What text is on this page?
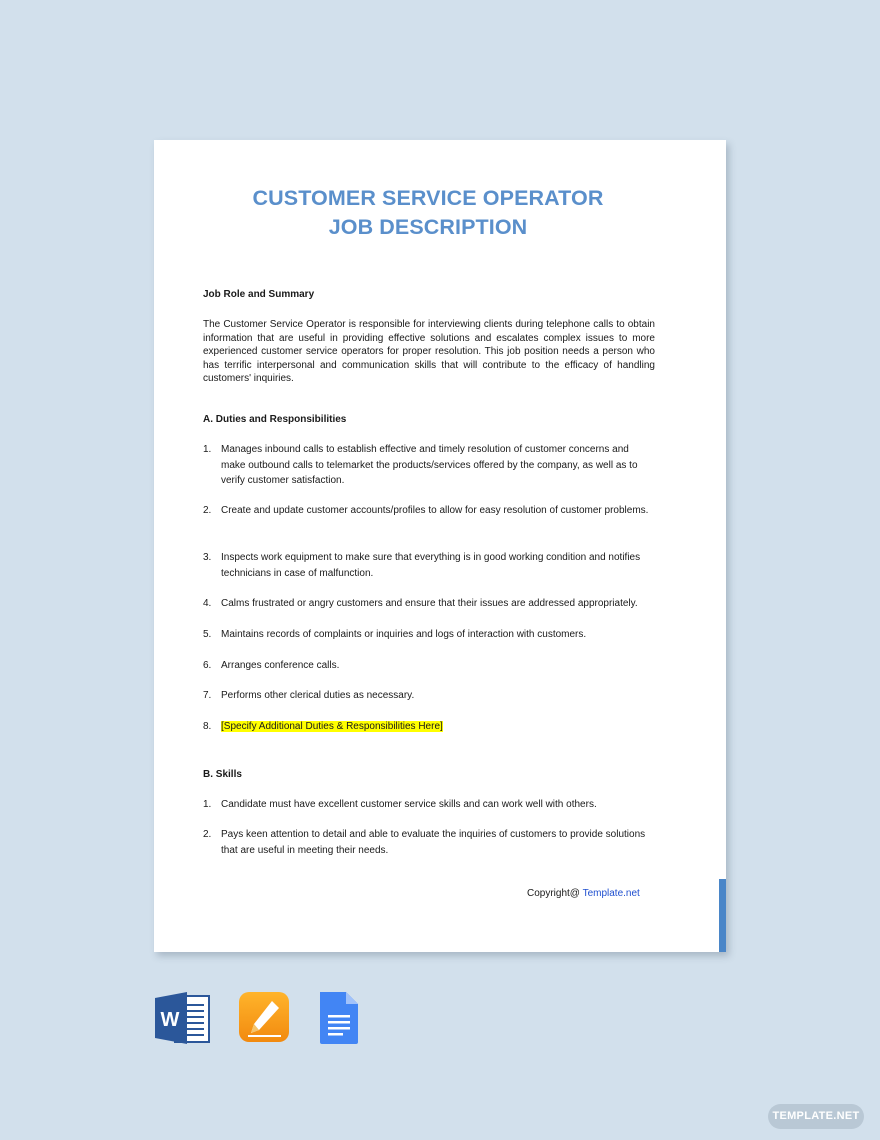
CUSTOMER SERVICE OPERATOR
JOB DESCRIPTION
Job Role and Summary
The Customer Service Operator is responsible for interviewing clients during telephone calls to obtain information that are useful in providing effective solutions and escalates complex issues to more experienced customer service operators for proper resolution. This job position needs a person who has terrific interpersonal and communication skills that will contribute to the efficacy of handling customers' inquiries.
A. Duties and Responsibilities
1. Manages inbound calls to establish effective and timely resolution of customer concerns and make outbound calls to telemarket the products/services offered by the company, as well as to verify customer satisfaction.
2. Create and update customer accounts/profiles to allow for easy resolution of customer problems.
3. Inspects work equipment to make sure that everything is in good working condition and notifies technicians in case of malfunction.
4. Calms frustrated or angry customers and ensure that their issues are addressed appropriately.
5. Maintains records of complaints or inquiries and logs of interaction with customers.
6. Arranges conference calls.
7. Performs other clerical duties as necessary.
8. [Specify Additional Duties & Responsibilities Here]
B. Skills
1. Candidate must have excellent customer service skills and can work well with others.
2. Pays keen attention to detail and able to evaluate the inquiries of customers to provide solutions that are useful in meeting their needs.
Copyright@ Template.net
W
TEMPLATE.NET
